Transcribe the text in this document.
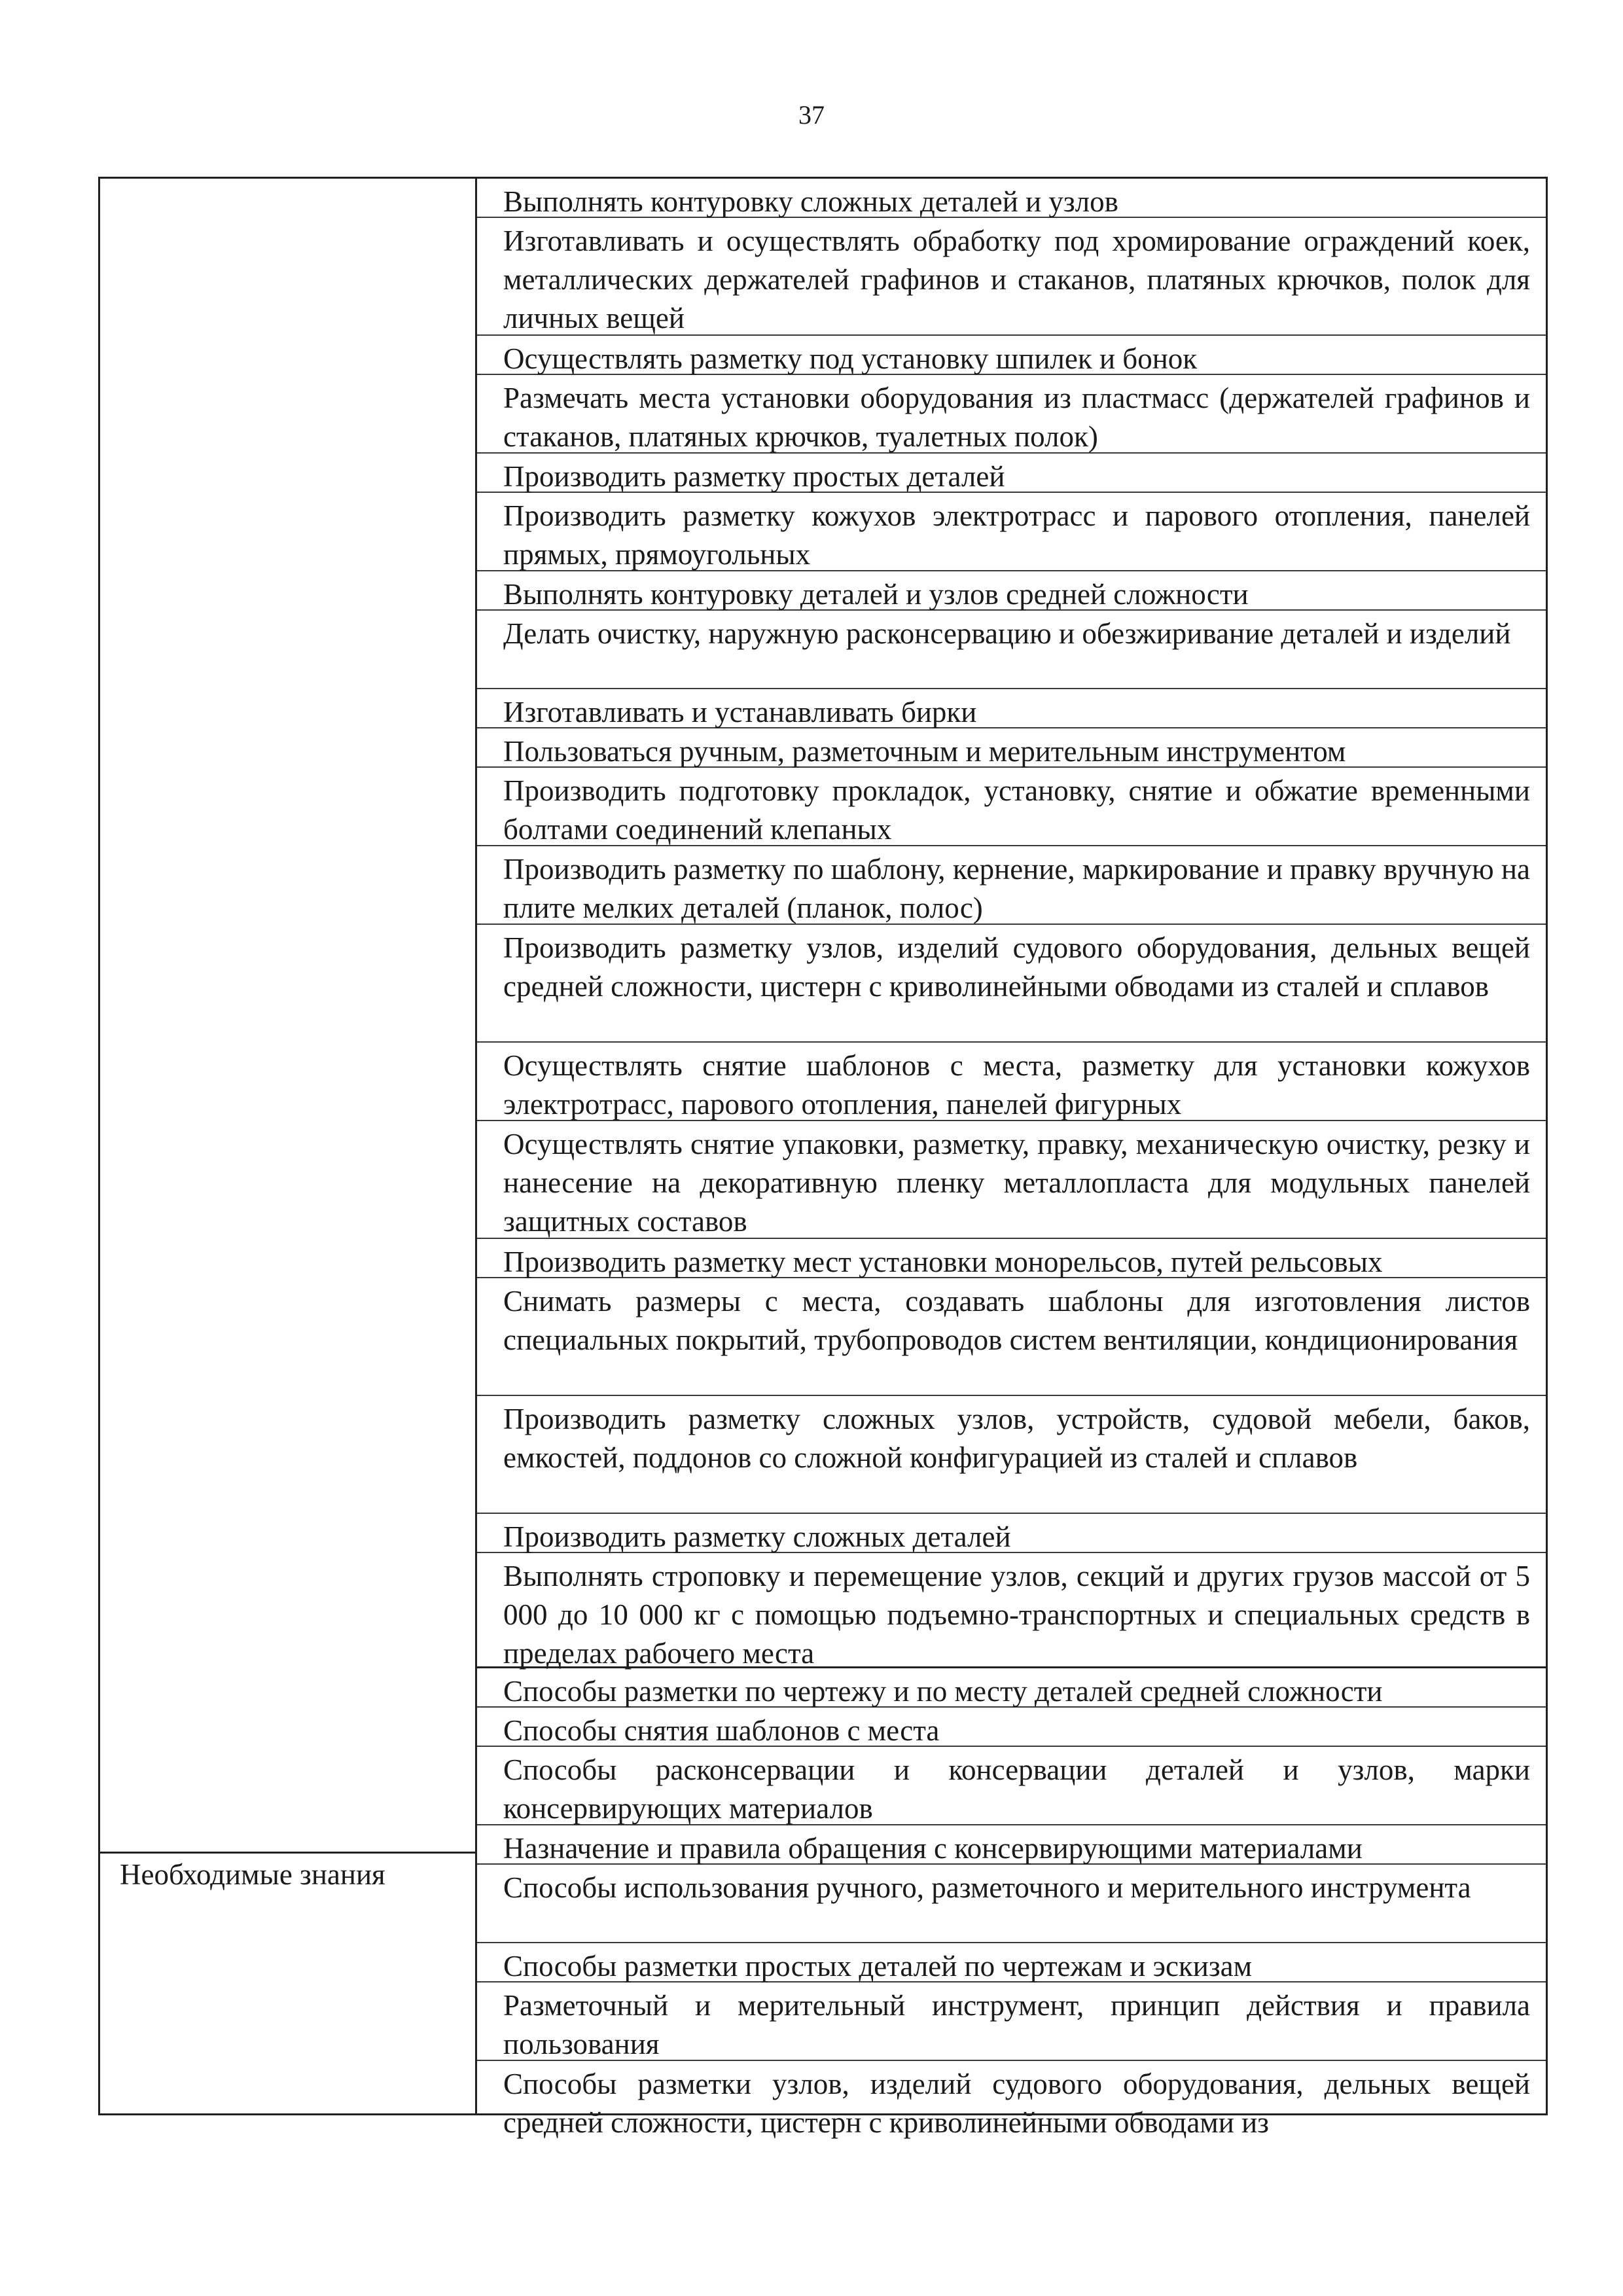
37
Необходимые знания
Выполнять контуровку сложных деталей и узлов
Изготавливать и осуществлять обработку под хромирование ограждений коек, металлических держателей графинов и стаканов, платяных крючков, полок для личных вещей
Осуществлять разметку под установку шпилек и бонок
Размечать места установки оборудования из пластмасс (держателей графинов и стаканов, платяных крючков, туалетных полок)
Производить разметку простых деталей
Производить разметку кожухов электротрасс и парового отопления, панелей прямых, прямоугольных
Выполнять контуровку деталей и узлов средней сложности
Делать очистку, наружную расконсервацию и обезжиривание деталей и изделий
Изготавливать и устанавливать бирки
Пользоваться ручным, разметочным и мерительным инструментом
Производить подготовку прокладок, установку, снятие и обжатие временными болтами соединений клепаных
Производить разметку по шаблону, кернение, маркирование и правку вручную на плите мелких деталей (планок, полос)
Производить разметку узлов, изделий судового оборудования, дельных вещей средней сложности, цистерн с криволинейными обводами из сталей и сплавов
Осуществлять снятие шаблонов с места, разметку для установки кожухов электротрасс, парового отопления, панелей фигурных
Осуществлять снятие упаковки, разметку, правку, механическую очистку, резку и нанесение на декоративную пленку металлопласта для модульных панелей защитных составов
Производить разметку мест установки монорельсов, путей рельсовых
Снимать размеры с места, создавать шаблоны для изготовления листов специальных покрытий, трубопроводов систем вентиляции, кондиционирования
Производить разметку сложных узлов, устройств, судовой мебели, баков, емкостей, поддонов со сложной конфигурацией из сталей и сплавов
Производить разметку сложных деталей
Выполнять строповку и перемещение узлов, секций и других грузов массой от 5 000 до 10 000 кг с помощью подъемно-транспортных и специальных средств в пределах рабочего места
Способы разметки по чертежу и по месту деталей средней сложности
Способы снятия шаблонов с места
Способы расконсервации и консервации деталей и узлов, марки консервирующих материалов
Назначение и правила обращения с консервирующими материалами
Способы использования ручного, разметочного и мерительного инструмента
Способы разметки простых деталей по чертежам и эскизам
Разметочный и мерительный инструмент, принцип действия и правила пользования
Способы разметки узлов, изделий судового оборудования, дельных вещей средней сложности, цистерн с криволинейными обводами из
